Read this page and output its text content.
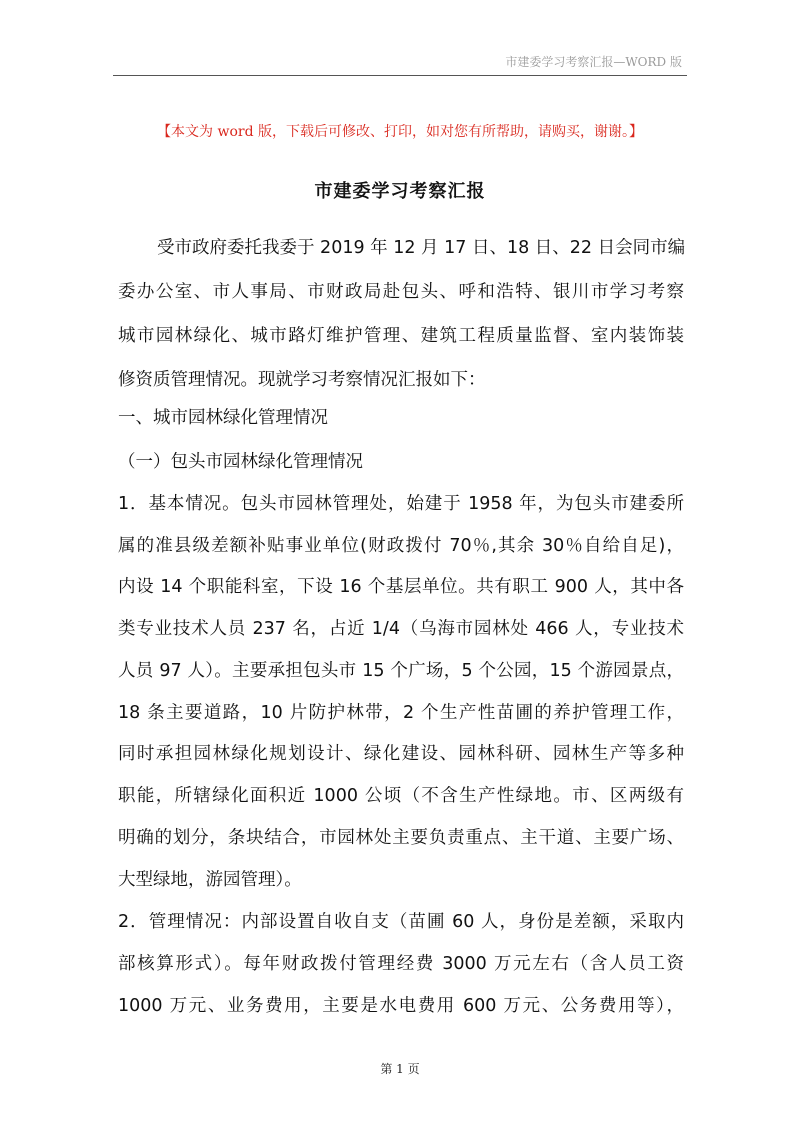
市建委学习考察汇报—WORD 版
【本文为 word 版，下载后可修改、打印，如对您有所帮助，请购买，谢谢。】
市建委学习考察汇报
受市政府委托我委于 2019 年 12 月 17 日、18 日、22 日会同市编
委办公室、市人事局、市财政局赴包头、呼和浩特、银川市学习考察
城市园林绿化、城市路灯维护管理、建筑工程质量监督、室内装饰装
修资质管理情况。现就学习考察情况汇报如下：
一、城市园林绿化管理情况
（一）包头市园林绿化管理情况
1．基本情况。包头市园林管理处，始建于 1958 年，为包头市建委所
属的准县级差额补贴事业单位(财政拨付 70％,其余 30％自给自足)，
内设 14 个职能科室，下设 16 个基层单位。共有职工 900 人，其中各
类专业技术人员 237 名，占近 1/4（乌海市园林处 466 人，专业技术
人员 97 人）。主要承担包头市 15 个广场，5 个公园，15 个游园景点，
18 条主要道路，10 片防护林带，2 个生产性苗圃的养护管理工作，
同时承担园林绿化规划设计、绿化建设、园林科研、园林生产等多种
职能，所辖绿化面积近 1000 公顷（不含生产性绿地。市、区两级有
明确的划分，条块结合，市园林处主要负责重点、主干道、主要广场、
大型绿地，游园管理）。
2．管理情况：内部设置自收自支（苗圃 60 人，身份是差额，采取内
部核算形式）。每年财政拨付管理经费 3000 万元左右（含人员工资
1000 万元、业务费用，主要是水电费用 600 万元、公务费用等），
第 1 页
